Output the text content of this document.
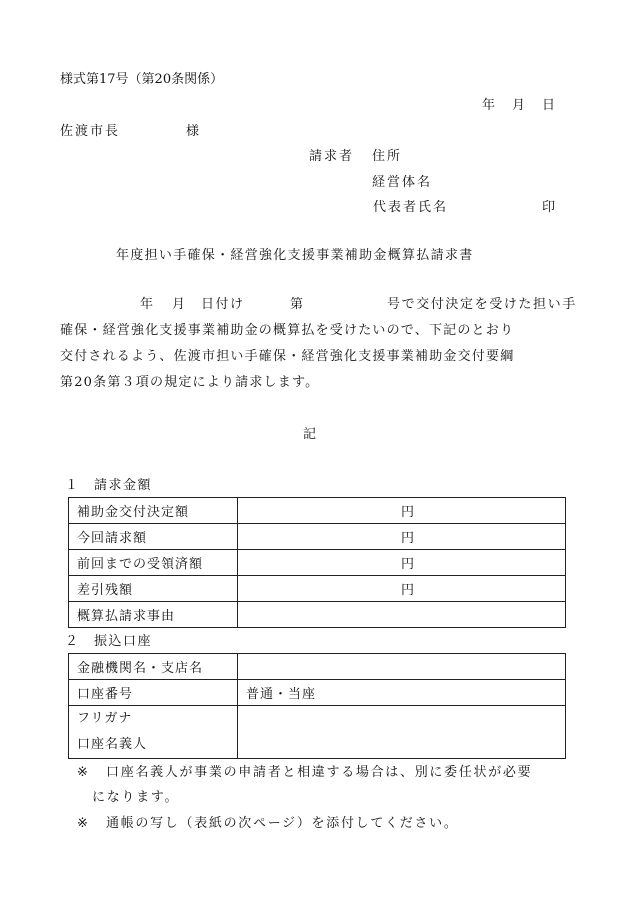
様式第17号（第20条関係）
年 月 日
佐渡市長	様
請求者 住所
経営体名
代表者氏名	印
年度担い手確保・経営強化支援事業補助金概算払請求書
年 月 日付け	第	号で交付決定を受けた担い手
確保・経営強化支援事業補助金の概算払を受けたいので、下記のとおり
交付されるよう、佐渡市担い手確保・経営強化支援事業補助金交付要綱
第20条第３項の規定により請求します。
記
１　請求金額
補助金交付決定額	円
今回請求額	円
前回までの受領済額	円
差引残額	円
概算払請求事由	
２　振込口座
金融機関名・支店名	
口座番号	普通・当座

フリガナ
口座名義人	

※ 口座名義人が事業の申請者と相違する場合は、別に委任状が必要
になります。
※ 通帳の写し（表紙の次ページ）を添付してください。
